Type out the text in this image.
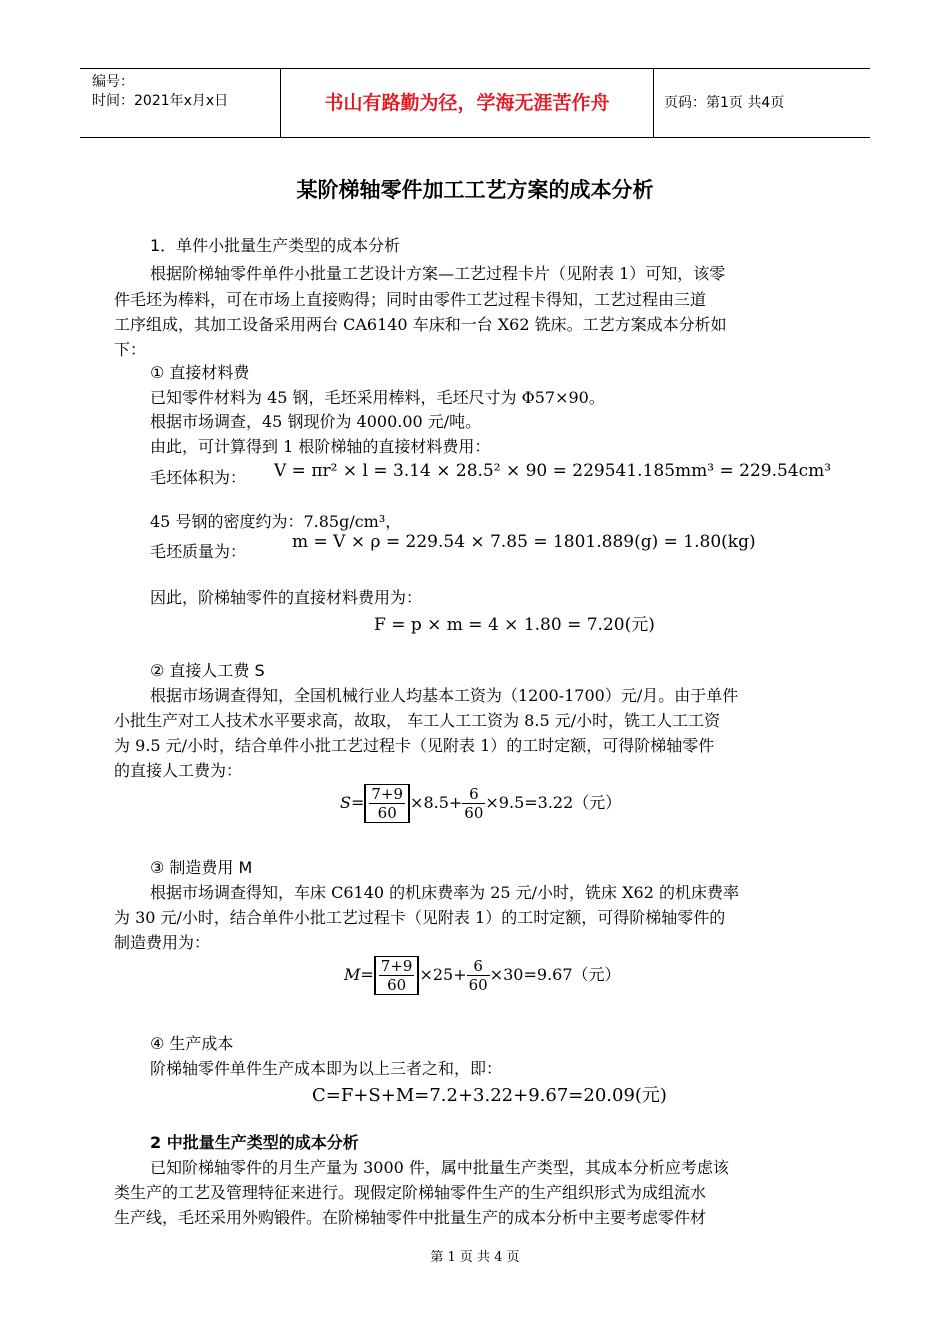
编号：
时间：2021年x月x日	书山有路勤为径，学海无涯苦作舟	页码：第1页 共4页
某阶梯轴零件加工工艺方案的成本分析
1．单件小批量生产类型的成本分析
根据阶梯轴零件单件小批量工艺设计方案—工艺过程卡片（见附表 1）可知，该零
件毛坯为棒料，可在市场上直接购得；同时由零件工艺过程卡得知，工艺过程由三道
工序组成，其加工设备采用两台 CA6140 车床和一台 X62 铣床。工艺方案成本分析如
下：
① 直接材料费
已知零件材料为 45 钢，毛坯采用棒料，毛坯尺寸为 Φ57×90。
根据市场调查，45 钢现价为 4000.00 元/吨。
由此，可计算得到 1 根阶梯轴的直接材料费用：
毛坯体积为： V = πr² × l = 3.14 × 28.5² × 90 = 229541.185mm³ = 229.54cm³
45 号钢的密度约为：7.85g/cm³，
毛坯质量为：	m = V × ρ = 229.54 × 7.85 = 1801.889(g) = 1.80(kg)
因此，阶梯轴零件的直接材料费用为：
F = p × m = 4 × 1.80 = 7.20(元)
② 直接人工费 S
根据市场调查得知，全国机械行业人均基本工资为（1200-1700）元/月。由于单件
小批生产对工人技术水平要求高，故取， 车工人工工资为 8.5 元/小时，铣工人工工资
为 9.5 元/小时，结合单件小批工艺过程卡（见附表 1）的工时定额，可得阶梯轴零件
的直接人工费为：
$S= \frac{7+9}{60} \times 8.5+ \frac{6}{60} \times 9.5=3.22$（元）
③ 制造费用 M
根据市场调查得知，车床 C6140 的机床费率为 25 元/小时，铣床 X62 的机床费率
为 30 元/小时，结合单件小批工艺过程卡（见附表 1）的工时定额，可得阶梯轴零件的
制造费用为：
$M= \frac{7+9}{60} \times 25+ \frac{6}{60} \times 30=9.67$（元）
④ 生产成本
阶梯轴零件单件生产成本即为以上三者之和，即：
C=F+S+M=7.2+3.22+9.67=20.09(元)
2 中批量生产类型的成本分析
已知阶梯轴零件的月生产量为 3000 件，属中批量生产类型，其成本分析应考虑该
类生产的工艺及管理特征来进行。现假定阶梯轴零件生产的生产组织形式为成组流水
生产线，毛坯采用外购锻件。在阶梯轴零件中批量生产的成本分析中主要考虑零件材
第 1 页 共 4 页
